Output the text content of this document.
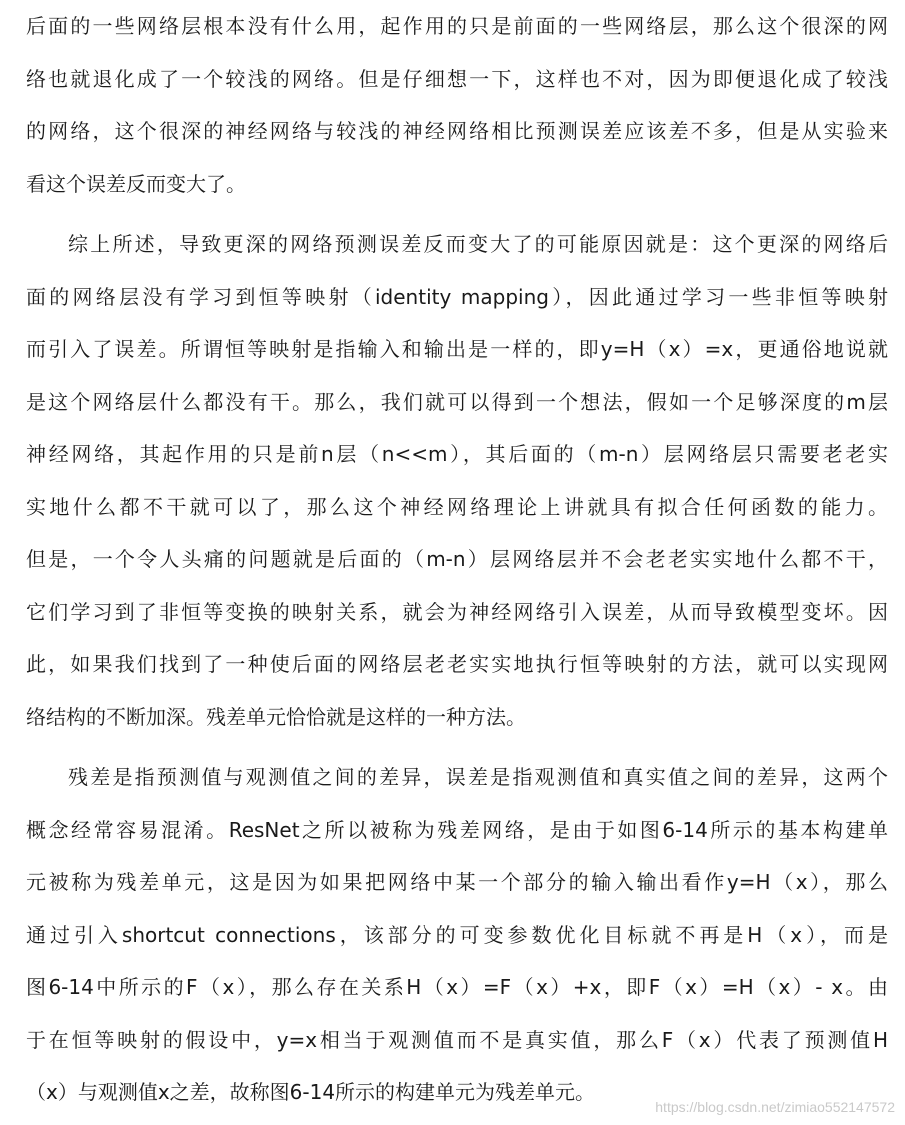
后面的一些网络层根本没有什么用，起作用的只是前面的一些网络层，那么这个很深的网
络也就退化成了一个较浅的网络。但是仔细想一下，这样也不对，因为即便退化成了较浅
的网络，这个很深的神经网络与较浅的神经网络相比预测误差应该差不多，但是从实验来
看这个误差反而变大了。
综上所述，导致更深的网络预测误差反而变大了的可能原因就是：这个更深的网络后
面的网络层没有学习到恒等映射（identity mapping），因此通过学习一些非恒等映射
而引入了误差。所谓恒等映射是指输入和输出是一样的，即y=H（x）=x，更通俗地说就
是这个网络层什么都没有干。那么，我们就可以得到一个想法，假如一个足够深度的m层
神经网络，其起作用的只是前n层（n<<m），其后面的（m-n）层网络层只需要老老实
实地什么都不干就可以了，那么这个神经网络理论上讲就具有拟合任何函数的能力。
但是，一个令人头痛的问题就是后面的（m-n）层网络层并不会老老实实地什么都不干，
它们学习到了非恒等变换的映射关系，就会为神经网络引入误差，从而导致模型变坏。因
此，如果我们找到了一种使后面的网络层老老实实地执行恒等映射的方法，就可以实现网
络结构的不断加深。残差单元恰恰就是这样的一种方法。
残差是指预测值与观测值之间的差异，误差是指观测值和真实值之间的差异，这两个
概念经常容易混淆。ResNet之所以被称为残差网络，是由于如图6-14所示的基本构建单
元被称为残差单元，这是因为如果把网络中某一个部分的输入输出看作y=H（x），那么
通过引入shortcut connections，该部分的可变参数优化目标就不再是H（x），而是
图6-14中所示的F（x），那么存在关系H（x）=F（x）+x，即F（x）=H（x）- x。由
于在恒等映射的假设中，y=x相当于观测值而不是真实值，那么F（x）代表了预测值H
（x）与观测值x之差，故称图6-14所示的构建单元为残差单元。
https://blog.csdn.net/zimiao552147572
